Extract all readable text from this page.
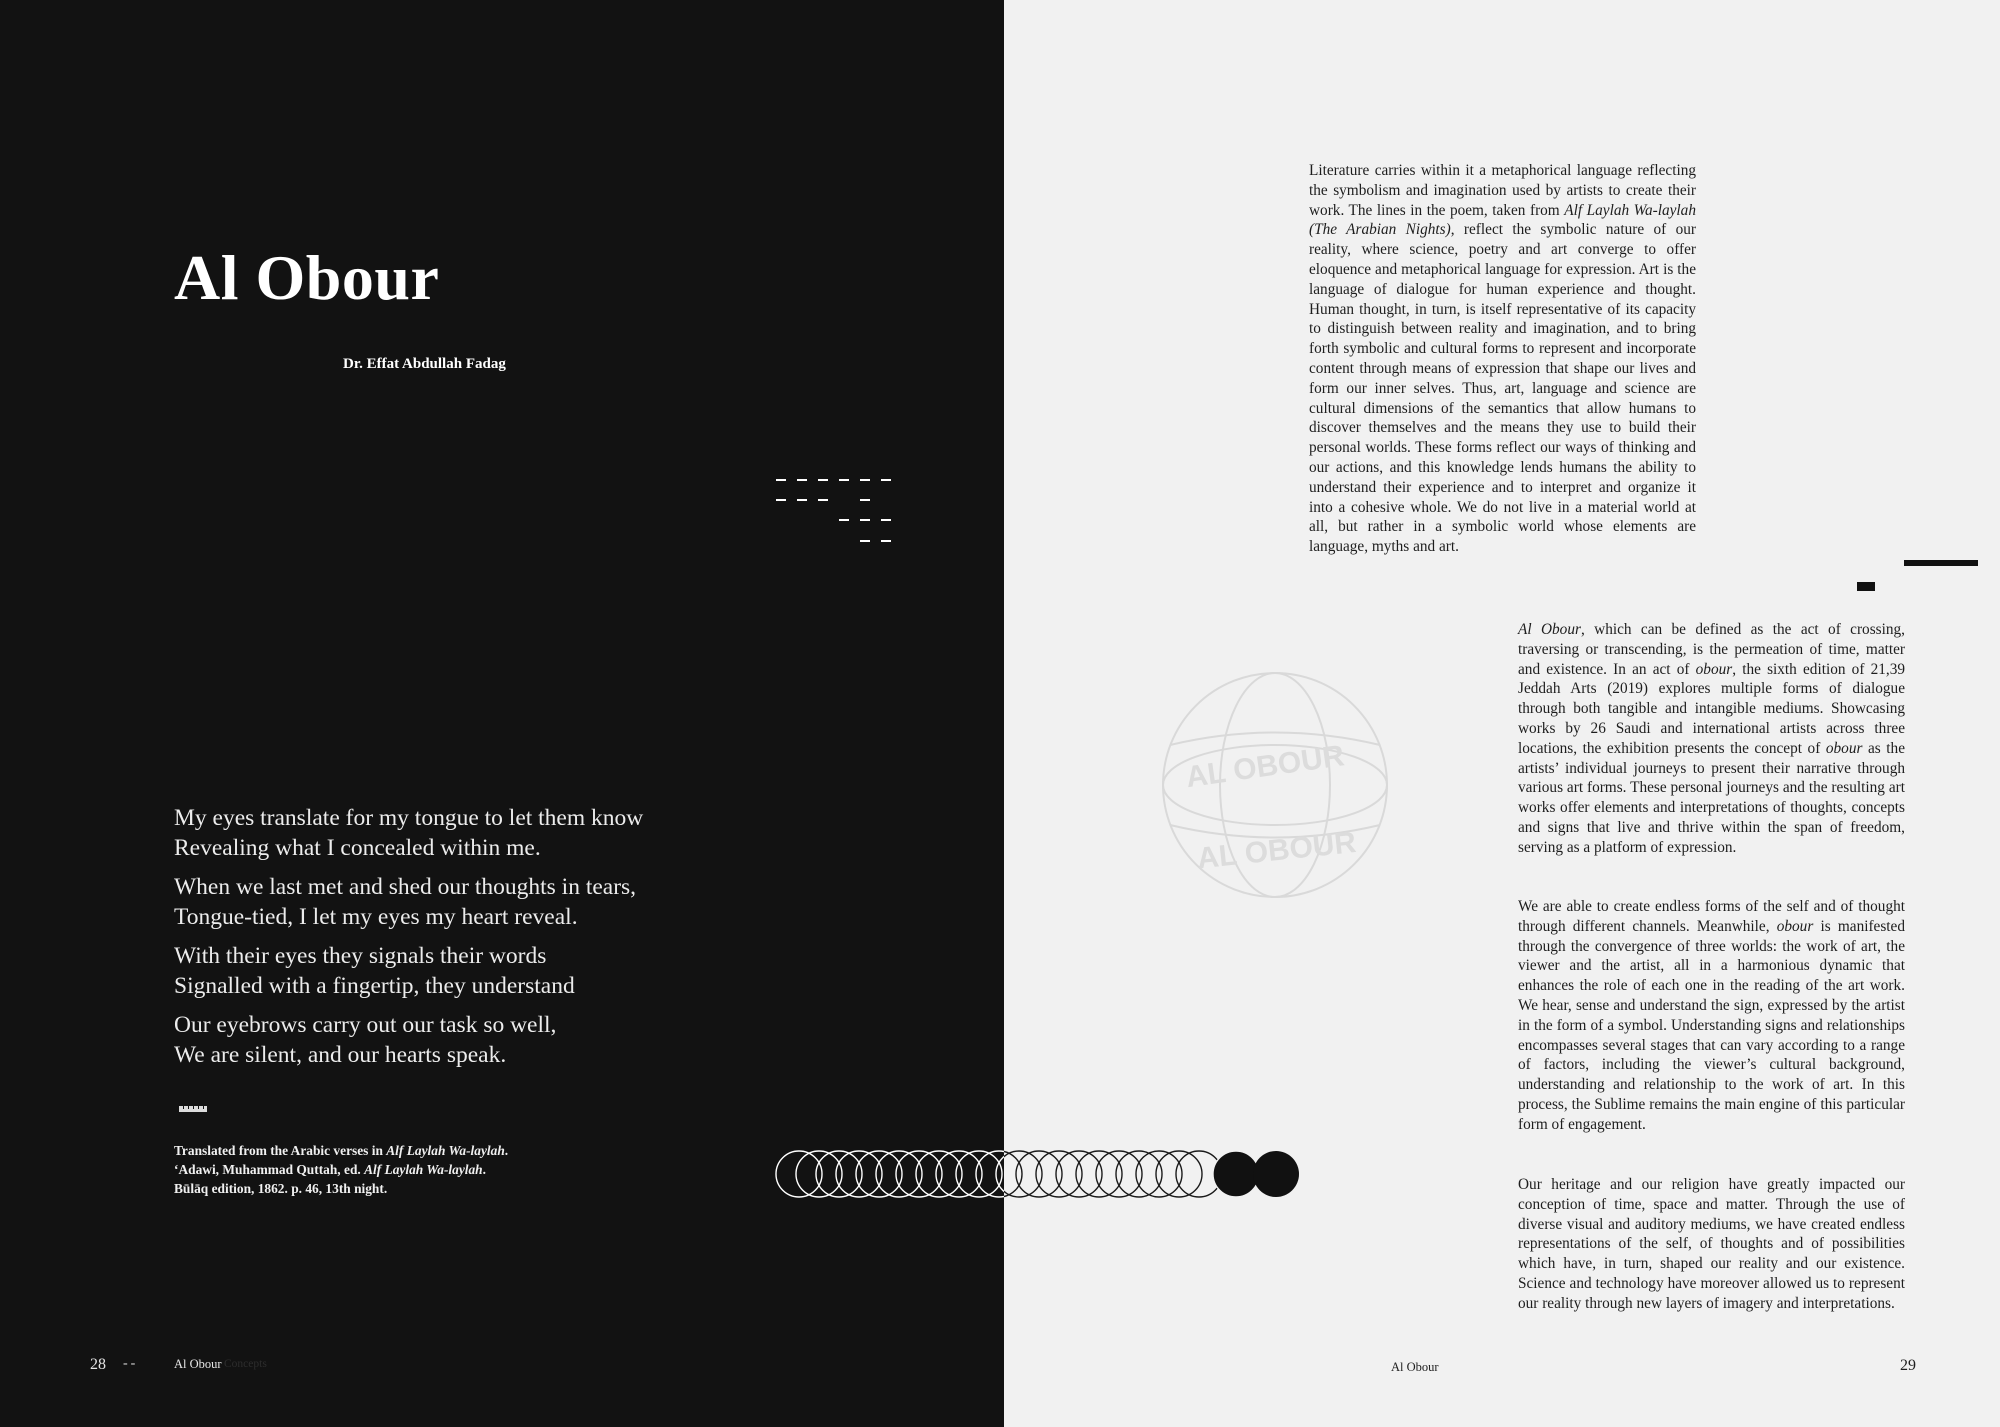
Al Obour
Dr. Effat Abdullah Fadag
My eyes translate for my tongue to let them know
Revealing what I concealed within me.
When we last met and shed our thoughts in tears,
Tongue-tied, I let my eyes my heart reveal.
With their eyes they signals their words
Signalled with a fingertip, they understand
Our eyebrows carry out our task so well,
We are silent, and our hearts speak.
Translated from the Arabic verses in Alf Laylah Wa-laylah. ‘Adawi, Muhammad Quttah, ed. Alf Laylah Wa-laylah. Būlāq edition, 1862. p. 46, 13th night.
AL OBOUR
AL OBOUR

Literature carries within it a metaphorical language reflecting the symbolism and imagination used by artists to create their work. The lines in the poem, taken from Alf Laylah Wa-laylah (The Arabian Nights), reflect the symbolic nature of our reality, where science, poetry and art converge to offer eloquence and metaphorical language for expression. Art is the language of dialogue for human experience and thought. Human thought, in turn, is itself representative of its capacity to distinguish between reality and imagination, and to bring forth symbolic and cultural forms to represent and incorporate content through means of expression that shape our lives and form our inner selves. Thus, art, language and science are cultural dimensions of the semantics that allow humans to discover themselves and the means they use to build their personal worlds. These forms reflect our ways of thinking and our actions, and this knowledge lends humans the ability to understand their experience and to interpret and organize it into a cohesive whole. We do not live in a material world at all, but rather in a symbolic world whose elements are language, myths and art.

Al Obour, which can be defined as the act of crossing, traversing or transcending, is the permeation of time, matter and existence. In an act of obour, the sixth edition of 21,39 Jeddah Arts (2019) explores multiple forms of dialogue through both tangible and intangible mediums. Showcasing works by 26 Saudi and international artists across three locations, the exhibition presents the concept of obour as the artists’ individual journeys to present their narrative through various art forms. These personal journeys and the resulting art works offer elements and interpretations of thoughts, concepts and signs that live and thrive within the span of freedom, serving as a platform of expression.

We are able to create endless forms of the self and of thought through different channels. Meanwhile, obour is manifested through the convergence of three worlds: the work of art, the viewer and the artist, all in a harmonious dynamic that enhances the role of each one in the reading of the art work. We hear, sense and understand the sign, expressed by the artist in the form of a symbol. Understanding signs and relationships encompasses several stages that can vary according to a range of factors, including the viewer’s cultural background, understanding and relationship to the work of art. In this process, the Sublime remains the main engine of this particular form of engagement.

Our heritage and our religion have greatly impacted our conception of time, space and matter. Through the use of diverse visual and auditory mediums, we have created endless representations of the self, of thoughts and of possibilities which have, in turn, shaped our reality and our existence. Science and technology have moreover allowed us to represent our reality through new layers of imagery and interpretations.

28 --	Al Obour Concepts	Al Obour	29
